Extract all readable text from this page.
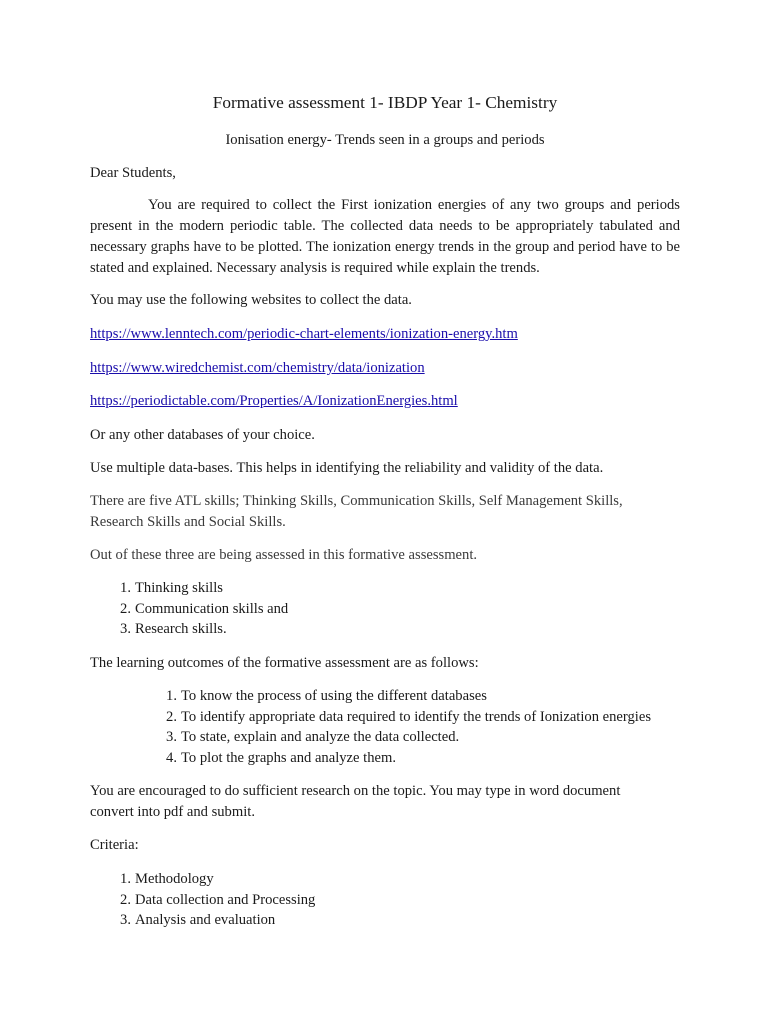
Formative assessment 1- IBDP Year 1- Chemistry
Ionisation energy- Trends seen in a groups and periods
Dear Students,
You are required to collect the First ionization energies of any two groups and periods present in the modern periodic table. The collected data needs to be appropriately tabulated and necessary graphs have to be plotted. The ionization energy trends in the group and period have to be stated and explained. Necessary analysis is required while explain the trends.
You may use the following websites to collect the data.
https://www.lenntech.com/periodic-chart-elements/ionization-energy.htm
https://www.wiredchemist.com/chemistry/data/ionization
https://periodictable.com/Properties/A/IonizationEnergies.html
Or any other databases of your choice.
Use multiple data-bases. This helps in identifying the reliability and validity of the data.
There are five ATL skills; Thinking Skills, Communication Skills, Self Management Skills,
Research Skills and Social Skills.
Out of these three are being assessed in this formative assessment.
1. Thinking skills
2. Communication skills and
3. Research skills.
The learning outcomes of the formative assessment are as follows:
1. To know the process of using the different databases
2. To identify appropriate data required to identify the trends of Ionization energies
3. To state, explain and analyze the data collected.
4. To plot the graphs and analyze them.
You are encouraged to do sufficient research on the topic. You may type in word document
convert into pdf and submit.
Criteria:
1. Methodology
2. Data collection and Processing
3. Analysis and evaluation
